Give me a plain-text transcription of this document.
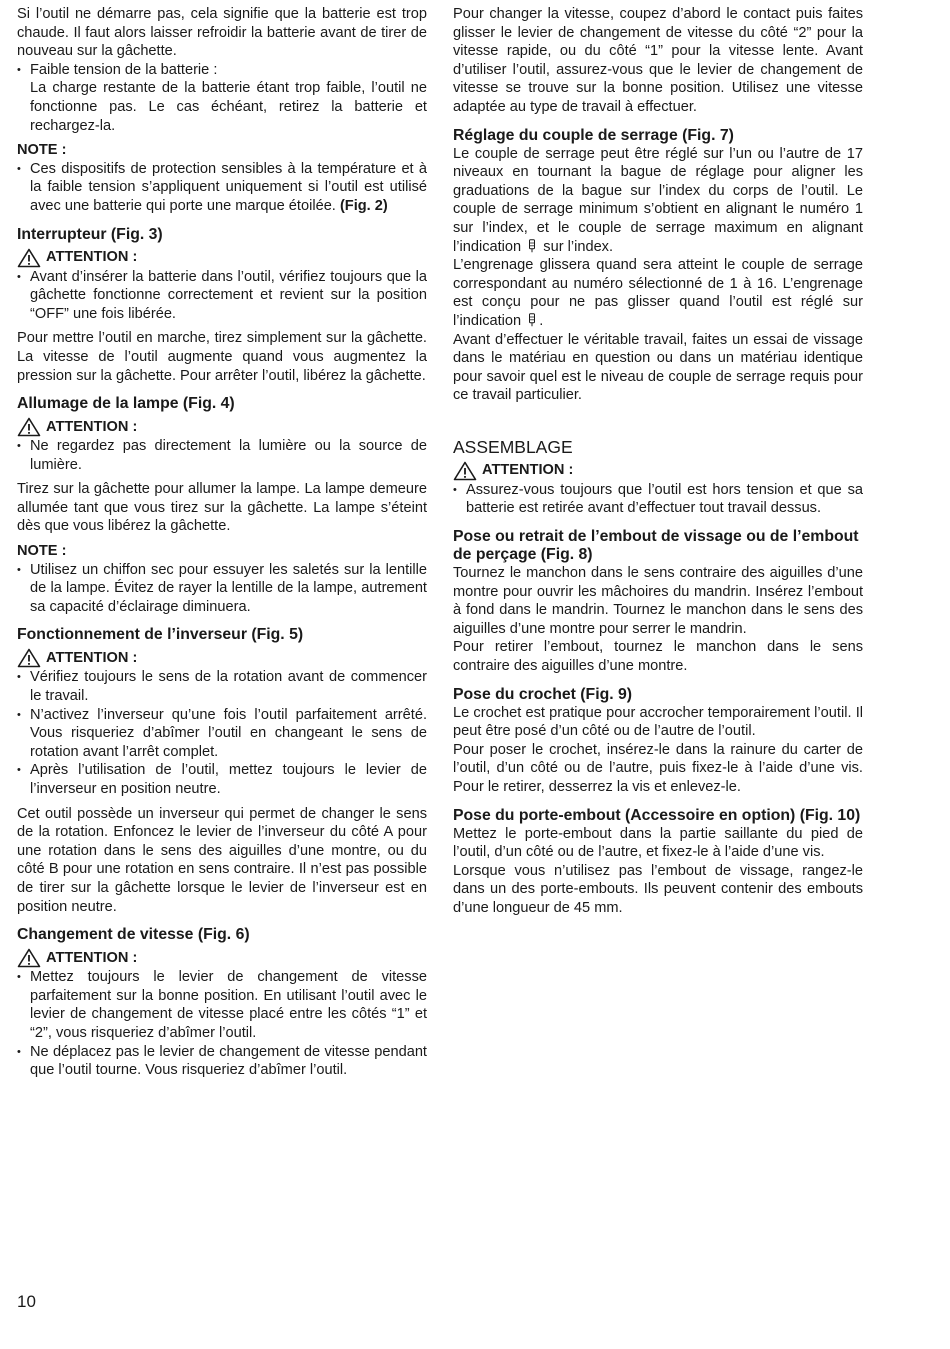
Si l’outil ne démarre pas, cela signifie que la batterie est trop chaude. Il faut alors laisser refroidir la batterie avant de tirer de nouveau sur la gâchette.

• Faible tension de la batterie :
La charge restante de la batterie étant trop faible, l’outil ne fonctionne pas. Le cas échéant, retirez la batterie et rechargez-la.
NOTE :
• Ces dispositifs de protection sensibles à la température et à la faible tension s’appliquent uniquement si l’outil est utilisé avec une batterie qui porte une marque étoilée. (Fig. 2)
Interrupteur (Fig. 3)
ATTENTION :
• Avant d’insérer la batterie dans l’outil, vérifiez toujours que la gâchette fonctionne correctement et revient sur la position “OFF” une fois libérée.

Pour mettre l’outil en marche, tirez simplement sur la gâchette. La vitesse de l’outil augmente quand vous augmentez la pression sur la gâchette. Pour arrêter l’outil, libérez la gâchette.

Allumage de la lampe (Fig. 4)
ATTENTION :
• Ne regardez pas directement la lumière ou la source de lumière.

Tirez sur la gâchette pour allumer la lampe. La lampe demeure allumée tant que vous tirez sur la gâchette. La lampe s’éteint dès que vous libérez la gâchette.

NOTE :
• Utilisez un chiffon sec pour essuyer les saletés sur la lentille de la lampe. Évitez de rayer la lentille de la lampe, autrement sa capacité d’éclairage diminuera.
Fonctionnement de l’inverseur (Fig. 5)
ATTENTION :
• Vérifiez toujours le sens de la rotation avant de commencer le travail.
• N’activez l’inverseur qu’une fois l’outil parfaitement arrêté. Vous risqueriez d’abîmer l’outil en changeant le sens de rotation avant l’arrêt complet.
• Après l’utilisation de l’outil, mettez toujours le levier de l’inverseur en position neutre.

Cet outil possède un inverseur qui permet de changer le sens de la rotation. Enfoncez le levier de l’inverseur du côté A pour une rotation dans le sens des aiguilles d’une montre, ou du côté B pour une rotation en sens contraire. Il n’est pas possible de tirer sur la gâchette lorsque le levier de l’inverseur est en position neutre.

Changement de vitesse (Fig. 6)
ATTENTION :
• Mettez toujours le levier de changement de vitesse parfaitement sur la bonne position. En utilisant l’outil avec le levier de changement de vitesse placé entre les côtés “1” et “2”, vous risqueriez d’abîmer l’outil.
• Ne déplacez pas le levier de changement de vitesse pendant que l’outil tourne. Vous risqueriez d’abîmer l’outil.

Pour changer la vitesse, coupez d’abord le contact puis faites glisser le levier de changement de vitesse du côté “2” pour la vitesse rapide, ou du côté “1” pour la vitesse lente. Avant d’utiliser l’outil, assurez-vous que le levier de changement de vitesse se trouve sur la bonne position. Utilisez une vitesse adaptée au type de travail à effectuer.

Réglage du couple de serrage (Fig. 7)

Le couple de serrage peut être réglé sur l’un ou l’autre de 17 niveaux en tournant la bague de réglage pour aligner les graduations de la bague sur l’index du corps de l’outil. Le couple de serrage minimum s’obtient en alignant le numéro 1 sur l’index, et le couple de serrage maximum en alignant l’indication sur l’index.

L’engrenage glissera quand sera atteint le couple de serrage correspondant au numéro sélectionné de 1 à 16. L’engrenage est conçu pour ne pas glisser quand l’outil est réglé sur l’indication .

Avant d’effectuer le véritable travail, faites un essai de vissage dans le matériau en question ou dans un matériau identique pour savoir quel est le niveau de couple de serrage requis pour ce travail particulier.

ASSEMBLAGE
ATTENTION :
• Assurez-vous toujours que l’outil est hors tension et que sa batterie est retirée avant d’effectuer tout travail dessus.
Pose ou retrait de l’embout de vissage ou de l’embout de perçage (Fig. 8)

Tournez le manchon dans le sens contraire des aiguilles d’une montre pour ouvrir les mâchoires du mandrin. Insérez l’embout à fond dans le mandrin. Tournez le manchon dans le sens des aiguilles d’une montre pour serrer le mandrin.

Pour retirer l’embout, tournez le manchon dans le sens contraire des aiguilles d’une montre.

Pose du crochet (Fig. 9)

Le crochet est pratique pour accrocher temporairement l’outil. Il peut être posé d’un côté ou de l’autre de l’outil.

Pour poser le crochet, insérez-le dans la rainure du carter de l’outil, d’un côté ou de l’autre, puis fixez-le à l’aide d’une vis. Pour le retirer, desserrez la vis et enlevez-le.

Pose du porte-embout (Accessoire en option) (Fig. 10)

Mettez le porte-embout dans la partie saillante du pied de l’outil, d’un côté ou de l’autre, et fixez-le à l’aide d’une vis.

Lorsque vous n’utilisez pas l’embout de vissage, rangez-le dans un des porte-embouts. Ils peuvent contenir des embouts d’une longueur de 45 mm.

10
